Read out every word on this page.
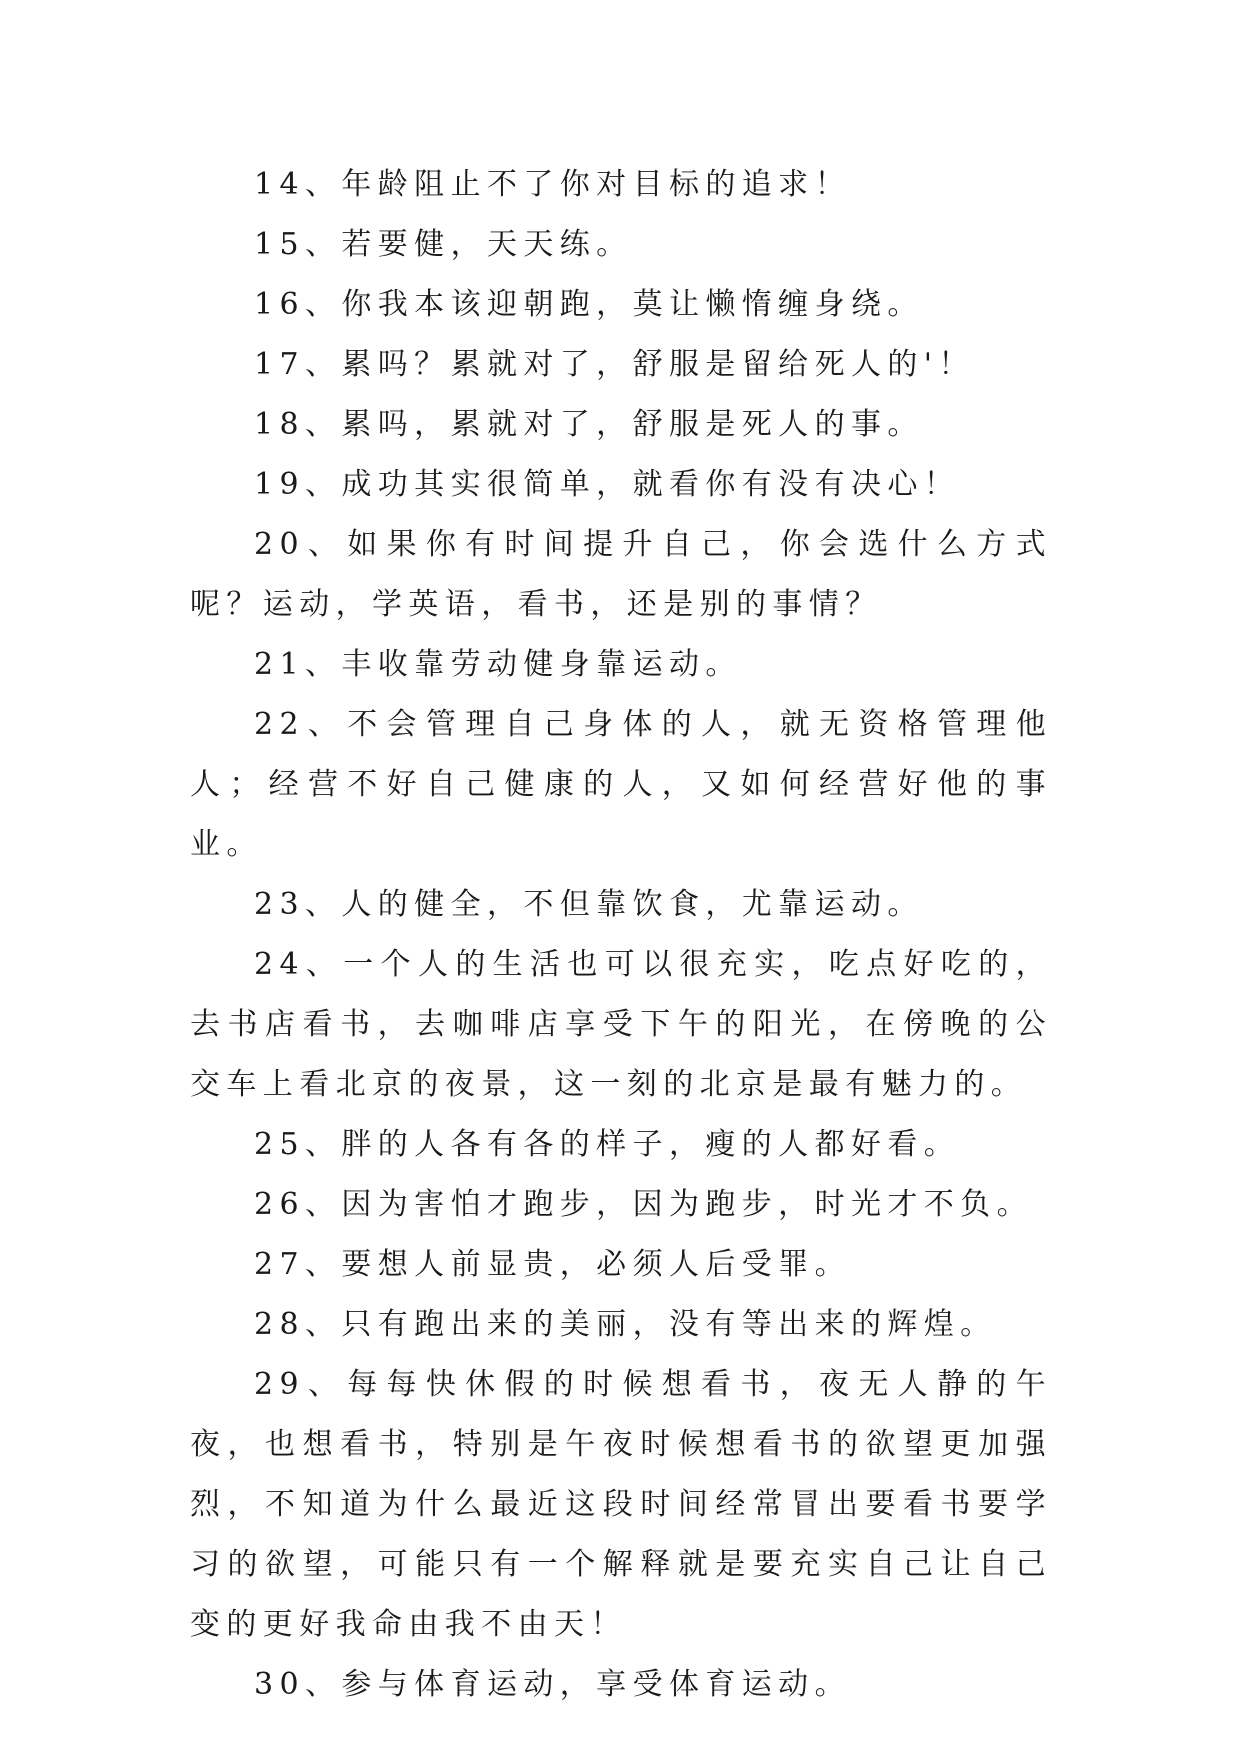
14、年龄阻止不了你对目标的追求！

15、若要健，天天练。

16、你我本该迎朝跑，莫让懒惰缠身绕。

17、累吗？累就对了，舒服是留给死人的'！

18、累吗，累就对了，舒服是死人的事。

19、成功其实很简单，就看你有没有决心！

20、如果你有时间提升自己，你会选什么方式呢？运动，学英语，看书，还是别的事情？

21、丰收靠劳动健身靠运动。

22、不会管理自己身体的人，就无资格管理他人；经营不好自己健康的人，又如何经营好他的事业。

23、人的健全，不但靠饮食，尤靠运动。

24、一个人的生活也可以很充实，吃点好吃的，去书店看书，去咖啡店享受下午的阳光，在傍晚的公交车上看北京的夜景，这一刻的北京是最有魅力的。

25、胖的人各有各的样子，瘦的人都好看。

26、因为害怕才跑步，因为跑步，时光才不负。

27、要想人前显贵，必须人后受罪。

28、只有跑出来的美丽，没有等出来的辉煌。

29、每每快休假的时候想看书，夜无人静的午夜，也想看书，特别是午夜时候想看书的欲望更加强烈，不知道为什么最近这段时间经常冒出要看书要学习的欲望，可能只有一个解释就是要充实自己让自己变的更好我命由我不由天！

30、参与体育运动，享受体育运动。
